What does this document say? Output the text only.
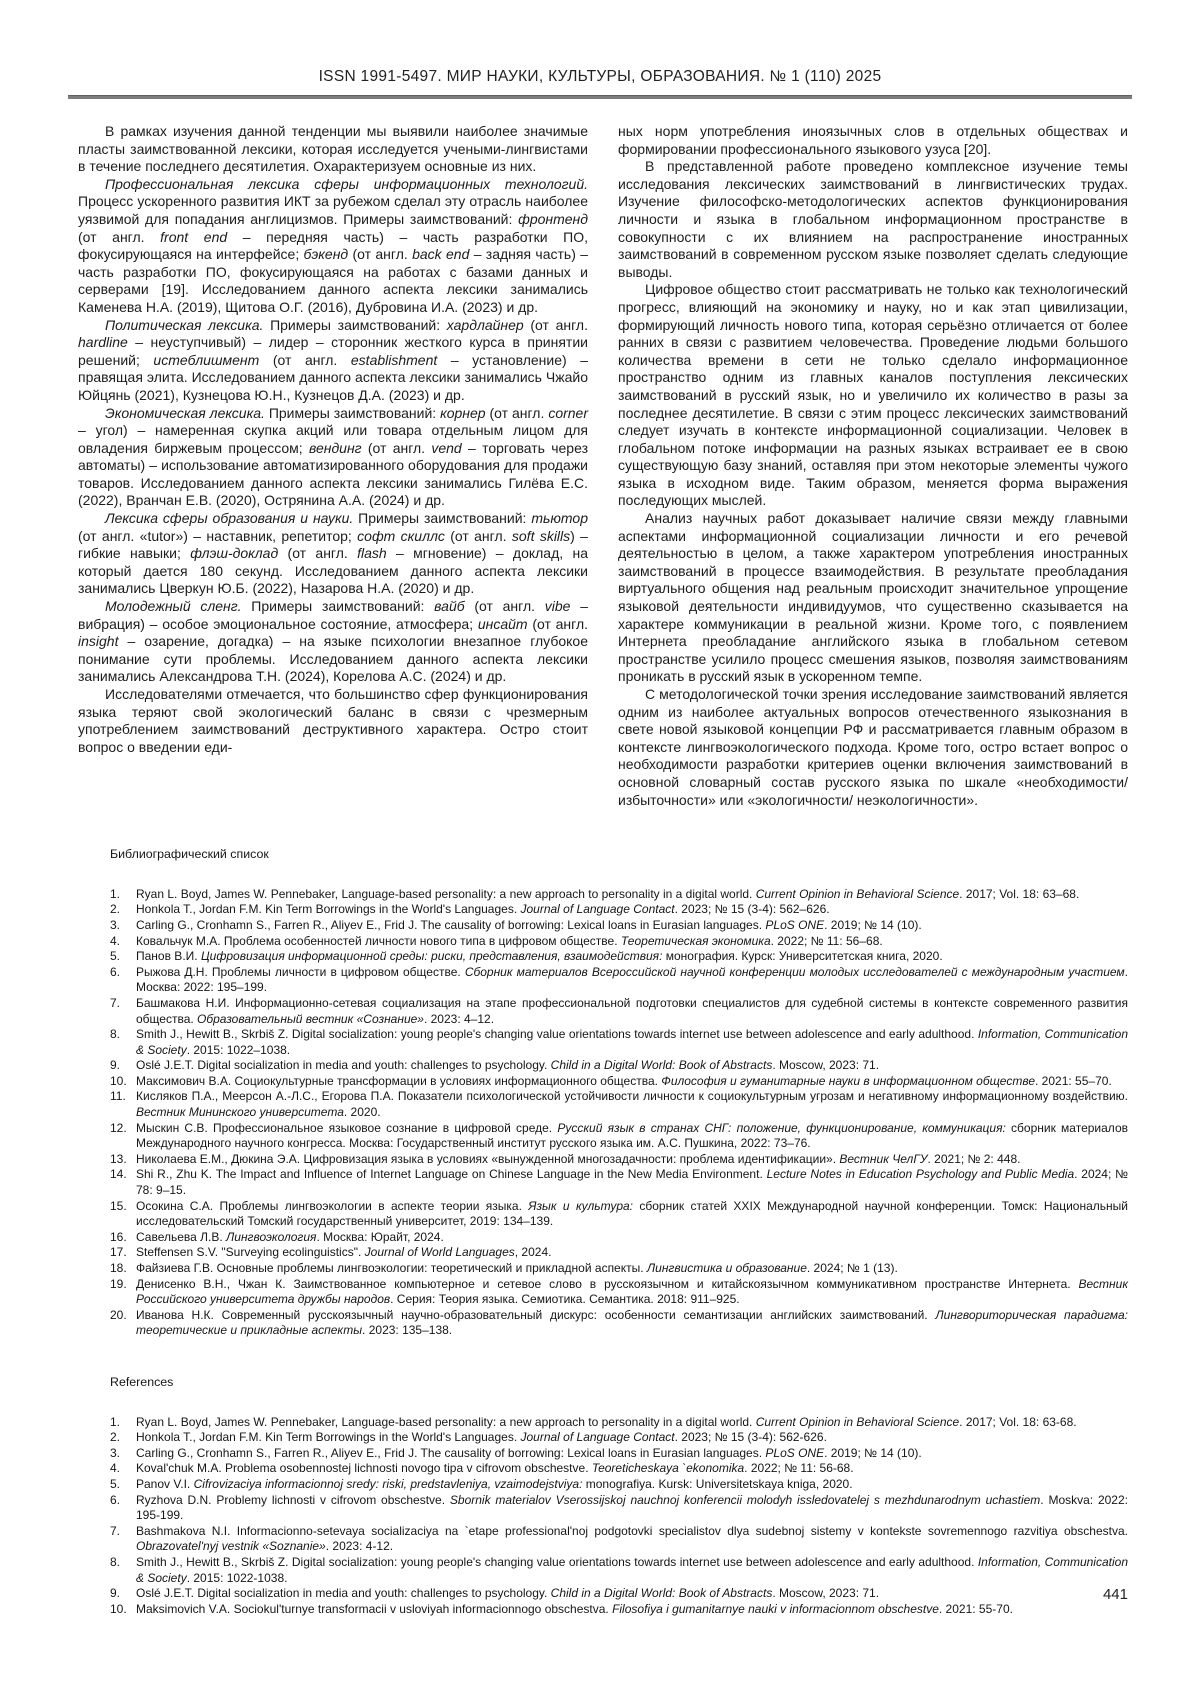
ISSN 1991-5497. МИР НАУКИ, КУЛЬТУРЫ, ОБРАЗОВАНИЯ. № 1 (110) 2025

В рамках изучения данной тенденции мы выявили наиболее значимые пласты заимствованной лексики, которая исследуется учеными-лингвистами в течение последнего десятилетия. Охарактеризуем основные из них.

Профессиональная лексика сферы информационных технологий. Процесс ускоренного развития ИКТ за рубежом сделал эту отрасль наиболее уязвимой для попадания англицизмов. Примеры заимствований: фронтенд (от англ. front end – передняя часть) – часть разработки ПО, фокусирующаяся на интерфейсе; бэкенд (от англ. back end – задняя часть) – часть разработки ПО, фокусирующаяся на работах с базами данных и серверами [19]. Исследованием данного аспекта лексики занимались Каменева Н.А. (2019), Щитова О.Г. (2016), Дубровина И.А. (2023) и др.

Политическая лексика. Примеры заимствований: хардлайнер (от англ. hardline – неуступчивый) – лидер – сторонник жесткого курса в принятии решений; истеблишмент (от англ. establishment – установление) – правящая элита. Исследованием данного аспекта лексики занимались Чжайо Юйцянь (2021), Кузнецова Ю.Н., Кузнецов Д.А. (2023) и др.

Экономическая лексика. Примеры заимствований: корнер (от англ. corner – угол) – намеренная скупка акций или товара отдельным лицом для овладения биржевым процессом; вендинг (от англ. vend – торговать через автоматы) – использование автоматизированного оборудования для продажи товаров. Исследованием данного аспекта лексики занимались Гилёва Е.С. (2022), Вранчан Е.В. (2020), Острянина А.А. (2024) и др.

Лексика сферы образования и науки. Примеры заимствований: тьютор (от англ. «tutor») – наставник, репетитор; софт скиллс (от англ. soft skills) – гибкие навыки; флэш-доклад (от англ. flash – мгновение) – доклад, на который дается 180 секунд. Исследованием данного аспекта лексики занимались Цверкун Ю.Б. (2022), Назарова Н.А. (2020) и др.

Молодежный сленг. Примеры заимствований: вайб (от англ. vibe – вибрация) – особое эмоциональное состояние, атмосфера; инсайт (от англ. insight – озарение, догадка) – на языке психологии внезапное глубокое понимание сути проблемы. Исследованием данного аспекта лексики занимались Александрова Т.Н. (2024), Корелова А.С. (2024) и др.

Исследователями отмечается, что большинство сфер функционирования языка теряют свой экологический баланс в связи с чрезмерным употреблением заимствований деструктивного характера. Остро стоит вопрос о введении еди-

ных норм употребления иноязычных слов в отдельных обществах и формировании профессионального языкового узуса [20].

В представленной работе проведено комплексное изучение темы исследования лексических заимствований в лингвистических трудах. Изучение философско-методологических аспектов функционирования личности и языка в глобальном информационном пространстве в совокупности с их влиянием на распространение иностранных заимствований в современном русском языке позволяет сделать следующие выводы.

Цифровое общество стоит рассматривать не только как технологический прогресс, влияющий на экономику и науку, но и как этап цивилизации, формирующий личность нового типа, которая серьёзно отличается от более ранних в связи с развитием человечества. Проведение людьми большого количества времени в сети не только сделало информационное пространство одним из главных каналов поступления лексических заимствований в русский язык, но и увеличило их количество в разы за последнее десятилетие. В связи с этим процесс лексических заимствований следует изучать в контексте информационной социализации. Человек в глобальном потоке информации на разных языках встраивает ее в свою существующую базу знаний, оставляя при этом некоторые элементы чужого языка в исходном виде. Таким образом, меняется форма выражения последующих мыслей.

Анализ научных работ доказывает наличие связи между главными аспектами информационной социализации личности и его речевой деятельностью в целом, а также характером употребления иностранных заимствований в процессе взаимодействия. В результате преобладания виртуального общения над реальным происходит значительное упрощение языковой деятельности индивидуумов, что существенно сказывается на характере коммуникации в реальной жизни. Кроме того, с появлением Интернета преобладание английского языка в глобальном сетевом пространстве усилило процесс смешения языков, позволяя заимствованиям проникать в русский язык в ускоренном темпе.

С методологической точки зрения исследование заимствований является одним из наиболее актуальных вопросов отечественного языкознания в свете новой языковой концепции РФ и рассматривается главным образом в контексте лингвоэкологического подхода. Кроме того, остро встает вопрос о необходимости разработки критериев оценки включения заимствований в основной словарный состав русского языка по шкале «необходимости/избыточности» или «экологичности/ неэкологичности».

Библиографический список
1. Ryan L. Boyd, James W. Pennebaker, Language-based personality: a new approach to personality in a digital world. Current Opinion in Behavioral Science. 2017; Vol. 18: 63–68.
2. Honkola T., Jordan F.M. Kin Term Borrowings in the World's Languages. Journal of Language Contact. 2023; № 15 (3-4): 562–626.
3. Carling G., Cronhamn S., Farren R., Aliyev E., Frid J. The causality of borrowing: Lexical loans in Eurasian languages. PLoS ONE. 2019; № 14 (10).
4. Ковальчук М.А. Проблема особенностей личности нового типа в цифровом обществе. Теоретическая экономика. 2022; № 11: 56–68.
5. Панов В.И. Цифровизация информационной среды: риски, представления, взаимодействия: монография. Курск: Университетская книга, 2020.
6. Рыжова Д.Н. Проблемы личности в цифровом обществе. Сборник материалов Всероссийской научной конференции молодых исследователей с международным участием. Москва: 2022: 195–199.
7. Башмакова Н.И. Информационно-сетевая социализация на этапе профессиональной подготовки специалистов для судебной системы в контексте современного развития общества. Образовательный вестник «Сознание». 2023: 4–12.
8. Smith J., Hewitt B., Skrbiš Z. Digital socialization: young people's changing value orientations towards internet use between adolescence and early adulthood. Information, Communication & Society. 2015: 1022–1038.
9. Oslé J.E.T. Digital socialization in media and youth: challenges to psychology. Child in a Digital World: Book of Abstracts. Moscow, 2023: 71.
10. Максимович В.А. Социокультурные трансформации в условиях информационного общества. Философия и гуманитарные науки в информационном обществе. 2021: 55–70.
11. Кисляков П.А., Меерсон А.-Л.С., Егорова П.А. Показатели психологической устойчивости личности к социокультурным угрозам и негативному информационному воздействию. Вестник Мининского университета. 2020.
12. Мыскин С.В. Профессиональное языковое сознание в цифровой среде. Русский язык в странах СНГ: положение, функционирование, коммуникация: сборник материалов Международного научного конгресса. Москва: Государственный институт русского языка им. А.С. Пушкина, 2022: 73–76.
13. Николаева Е.М., Дюкина Э.А. Цифровизация языка в условиях «вынужденной многозадачности: проблема идентификации». Вестник ЧелГУ. 2021; № 2: 448.
14. Shi R., Zhu K. The Impact and Influence of Internet Language on Chinese Language in the New Media Environment. Lecture Notes in Education Psychology and Public Media. 2024; № 78: 9–15.
15. Осокина С.А. Проблемы лингвоэкологии в аспекте теории языка. Язык и культура: сборник статей XXIX Международной научной конференции. Томск: Национальный исследовательский Томский государственный университет, 2019: 134–139.
16. Савельева Л.В. Лингвоэкология. Москва: Юрайт, 2024.
17. Steffensen S.V. "Surveying ecolinguistics". Journal of World Languages, 2024.
18. Файзиева Г.В. Основные проблемы лингвоэкологии: теоретический и прикладной аспекты. Лингвистика и образование. 2024; № 1 (13).
19. Денисенко В.Н., Чжан К. Заимствованное компьютерное и сетевое слово в русскоязычном и китайскоязычном коммуникативном пространстве Интернета. Вестник Российского университета дружбы народов. Серия: Теория языка. Семиотика. Семантика. 2018: 911–925.
20. Иванова Н.К. Современный русскоязычный научно-образовательный дискурс: особенности семантизации английских заимствований. Лингвориторическая парадигма: теоретические и прикладные аспекты. 2023: 135–138.
References
1. Ryan L. Boyd, James W. Pennebaker, Language-based personality: a new approach to personality in a digital world. Current Opinion in Behavioral Science. 2017; Vol. 18: 63-68.
2. Honkola T., Jordan F.M. Kin Term Borrowings in the World's Languages. Journal of Language Contact. 2023; № 15 (3-4): 562-626.
3. Carling G., Cronhamn S., Farren R., Aliyev E., Frid J. The causality of borrowing: Lexical loans in Eurasian languages. PLoS ONE. 2019; № 14 (10).
4. Koval'chuk M.A. Problema osobennostej lichnosti novogo tipa v cifrovom obschestve. Teoreticheskaya `ekonomika. 2022; № 11: 56-68.
5. Panov V.I. Cifrovizaciya informacionnoj sredy: riski, predstavleniya, vzaimodejstviya: monografiya. Kursk: Universitetskaya kniga, 2020.
6. Ryzhova D.N. Problemy lichnosti v cifrovom obschestve. Sbornik materialov Vserossijskoj nauchnoj konferencii molodyh issledovatelej s mezhdunarodnym uchastiem. Moskva: 2022: 195-199.
7. Bashmakova N.I. Informacionno-setevaya socializaciya na `etape professional'noj podgotovki specialistov dlya sudebnoj sistemy v kontekste sovremennogo razvitiya obschestva. Obrazovatel'nyj vestnik «Soznanie». 2023: 4-12.
8. Smith J., Hewitt B., Skrbiš Z. Digital socialization: young people's changing value orientations towards internet use between adolescence and early adulthood. Information, Communication & Society. 2015: 1022-1038.
9. Oslé J.E.T. Digital socialization in media and youth: challenges to psychology. Child in a Digital World: Book of Abstracts. Moscow, 2023: 71.
10. Maksimovich V.A. Sociokul'turnye transformacii v usloviyah informacionnogo obschestva. Filosofiya i gumanitarnye nauki v informacionnom obschestve. 2021: 55-70.
441
